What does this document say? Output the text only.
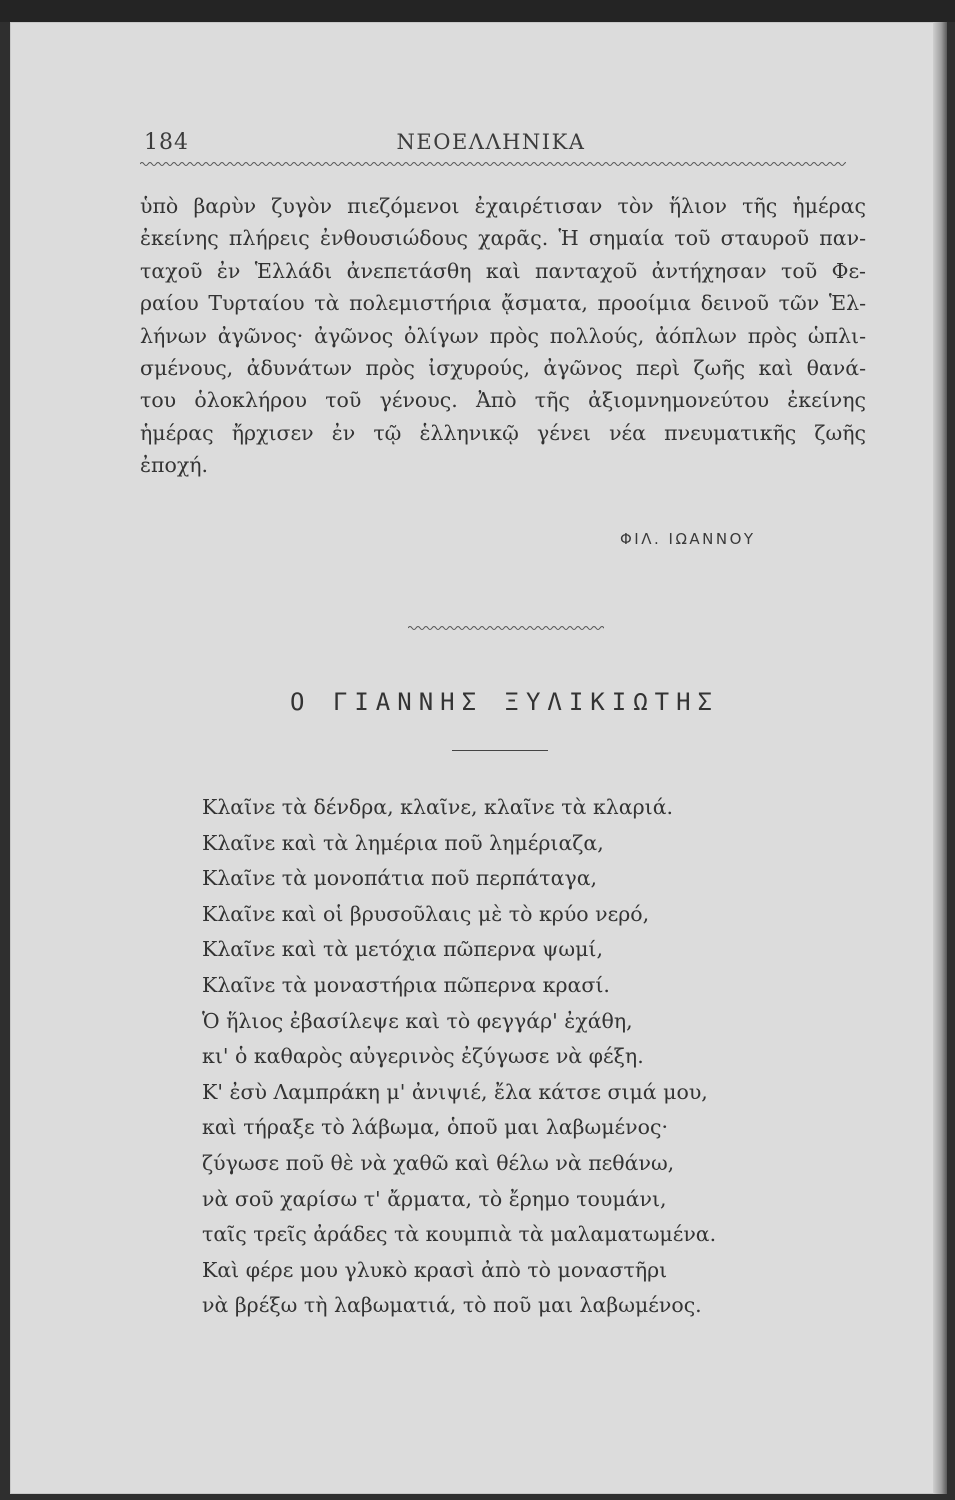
184	ΝΕΟΕΛΛΗΝΙΚΑ
ὑπὸ βαρὺν ζυγὸν πιεζόμενοι ἐχαιρέτισαν τὸν ἥλιον τῆς ἡμέρας
ἐκείνης πλήρεις ἐνθουσιώδους χαρᾶς. Ἡ σημαία τοῦ σταυροῦ παν-
ταχοῦ ἐν Ἑλλάδι ἀνεπετάσθη καὶ πανταχοῦ ἀντήχησαν τοῦ Φε-
ραίου Τυρταίου τὰ πολεμιστήρια ᾄσματα, προοίμια δεινοῦ τῶν Ἑλ-
λήνων ἀγῶνος· ἀγῶνος ὀλίγων πρὸς πολλούς, ἀόπλων πρὸς ὡπλι-
σμένους, ἀδυνάτων πρὸς ἰσχυρούς, ἀγῶνος περὶ ζωῆς καὶ θανά-
του ὁλοκλήρου τοῦ γένους. Ἀπὸ τῆς ἀξιομνημονεύτου ἐκείνης
ἡμέρας ἤρχισεν ἐν τῷ ἑλληνικῷ γένει νέα πνευματικῆς ζωῆς
ἐποχή.
ΦΙΛ. ΙΩΑΝΝΟΥ
Ο ΓΙΑΝΝΗΣ ΞΥΛΙΚΙΩΤΗΣ
Κλαῖνε τὰ δένδρα, κλαῖνε, κλαῖνε τὰ κλαριά.
Κλαῖνε καὶ τὰ λημέρια ποῦ λημέριαζα,
Κλαῖνε τὰ μονοπάτια ποῦ περπάταγα,
Κλαῖνε καὶ οἱ βρυσοῦλαις μὲ τὸ κρύο νερό,
Κλαῖνε καὶ τὰ μετόχια πῶπερνα ψωμί,
Κλαῖνε τὰ μοναστήρια πῶπερνα κρασί.
Ὁ ἥλιος ἐβασίλεψε καὶ τὸ φεγγάρ' ἐχάθη,
κι' ὁ καθαρὸς αὐγερινὸς ἐζύγωσε νὰ φέξη.
Κ' ἐσὺ Λαμπράκη μ' ἀνιψιέ, ἔλα κάτσε σιμά μου,
καὶ τήραξε τὸ λάβωμα, ὁποῦ μαι λαβωμένος·
ζύγωσε ποῦ θὲ νὰ χαθῶ καὶ θέλω νὰ πεθάνω,
νὰ σοῦ χαρίσω τ' ἄρματα, τὸ ἔρημο τουμάνι,
ταῖς τρεῖς ἀράδες τὰ κουμπιὰ τὰ μαλαματωμένα.
Καὶ φέρε μου γλυκὸ κρασὶ ἀπὸ τὸ μοναστῆρι
νὰ βρέξω τὴ λαβωματιά, τὸ ποῦ μαι λαβωμένος.
